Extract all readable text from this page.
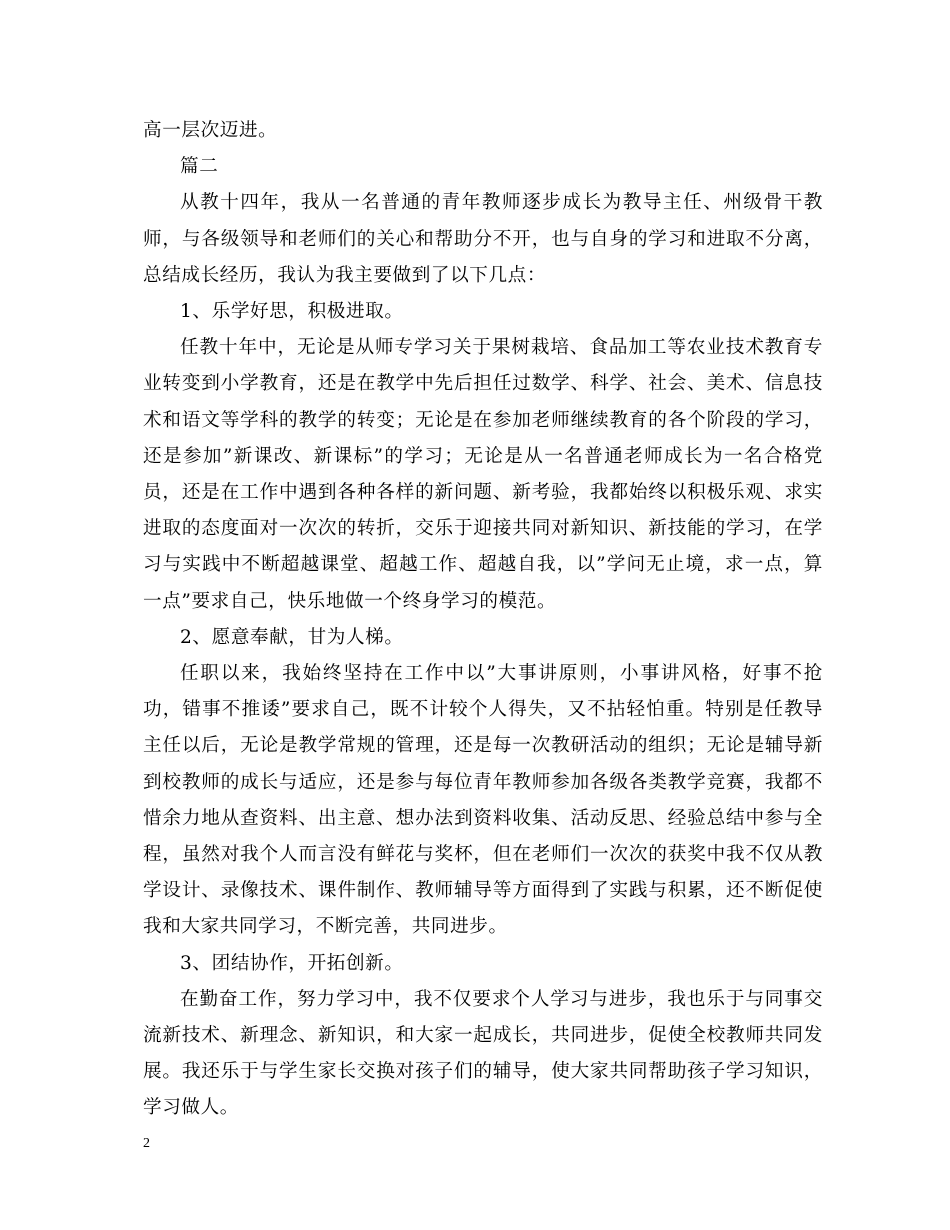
高一层次迈进。

篇二

从教十四年，我从一名普通的青年教师逐步成长为教导主任、州级骨干教师，与各级领导和老师们的关心和帮助分不开，也与自身的学习和进取不分离，总结成长经历，我认为我主要做到了以下几点：

1、乐学好思，积极进取。

任教十年中，无论是从师专学习关于果树栽培、食品加工等农业技术教育专业转变到小学教育，还是在教学中先后担任过数学、科学、社会、美术、信息技术和语文等学科的教学的转变；无论是在参加老师继续教育的各个阶段的学习，还是参加”新课改、新课标”的学习；无论是从一名普通老师成长为一名合格党员，还是在工作中遇到各种各样的新问题、新考验，我都始终以积极乐观、求实进取的态度面对一次次的转折，交乐于迎接共同对新知识、新技能的学习，在学习与实践中不断超越课堂、超越工作、超越自我，以”学问无止境，求一点，算一点”要求自己，快乐地做一个终身学习的模范。

2、愿意奉献，甘为人梯。

任职以来，我始终坚持在工作中以”大事讲原则，小事讲风格，好事不抢功，错事不推诿”要求自己，既不计较个人得失，又不拈轻怕重。特别是任教导主任以后，无论是教学常规的管理，还是每一次教研活动的组织；无论是辅导新到校教师的成长与适应，还是参与每位青年教师参加各级各类教学竞赛，我都不惜余力地从查资料、出主意、想办法到资料收集、活动反思、经验总结中参与全程，虽然对我个人而言没有鲜花与奖杯，但在老师们一次次的获奖中我不仅从教学设计、录像技术、课件制作、教师辅导等方面得到了实践与积累，还不断促使我和大家共同学习，不断完善，共同进步。

3、团结协作，开拓创新。

在勤奋工作，努力学习中，我不仅要求个人学习与进步，我也乐于与同事交流新技术、新理念、新知识，和大家一起成长，共同进步，促使全校教师共同发展。我还乐于与学生家长交换对孩子们的辅导，使大家共同帮助孩子学习知识，学习做人。

2
